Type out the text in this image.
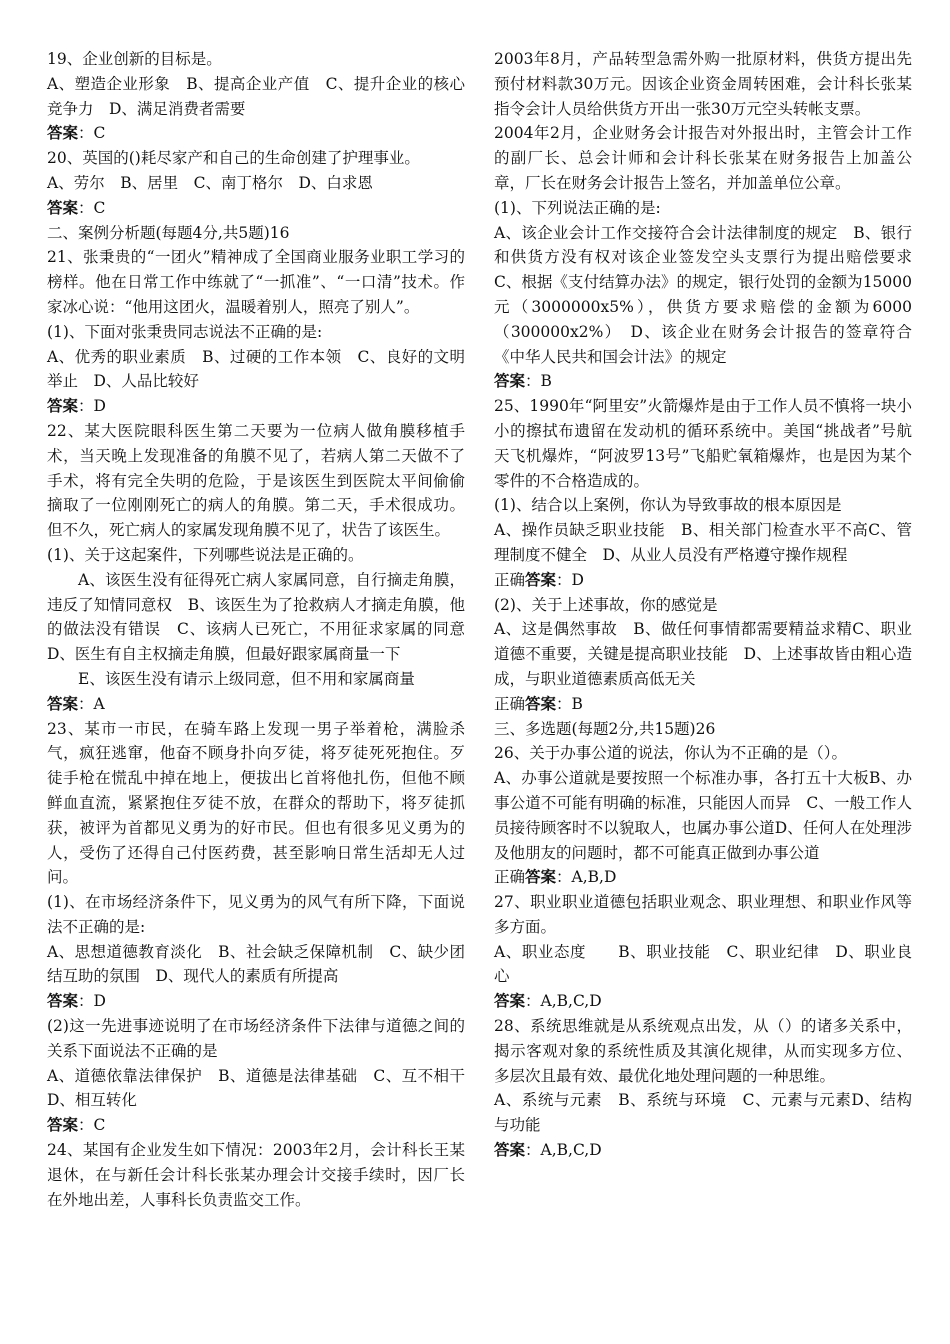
19、企业创新的目标是。

A、塑造企业形象　B、提高企业产值　C、提升企业的核心竞争力　D、满足消费者需要

答案：C

20、英国的()耗尽家产和自己的生命创建了护理事业。

A、劳尔　B、居里　C、南丁格尔　D、白求恩

答案：C

二、案例分析题(每题4分,共5题)16

21、张秉贵的“一团火”精神成了全国商业服务业职工学习的榜样。他在日常工作中练就了“一抓准”、“一口清”技术。作家冰心说：“他用这团火，温暖着别人，照亮了别人”。

(1)、下面对张秉贵同志说法不正确的是:

A、优秀的职业素质　B、过硬的工作本领　C、良好的文明举止　D、人品比较好

答案：D

22、某大医院眼科医生第二天要为一位病人做角膜移植手术，当天晚上发现准备的角膜不见了，若病人第二天做不了手术，将有完全失明的危险，于是该医生到医院太平间偷偷摘取了一位刚刚死亡的病人的角膜。第二天，手术很成功。但不久，死亡病人的家属发现角膜不见了，状告了该医生。

(1)、关于这起案件，下列哪些说法是正确的。

A、该医生没有征得死亡病人家属同意，自行摘走角膜，违反了知情同意权　B、该医生为了抢救病人才摘走角膜，他的做法没有错误　C、该病人已死亡，不用征求家属的同意　D、医生有自主权摘走角膜，但最好跟家属商量一下

E、该医生没有请示上级同意，但不用和家属商量

答案：A

23、某市一市民，在骑车路上发现一男子举着枪，满脸杀气，疯狂逃窜，他奋不顾身扑向歹徒，将歹徒死死抱住。歹徒手枪在慌乱中掉在地上，便拔出匕首将他扎伤，但他不顾鲜血直流，紧紧抱住歹徒不放，在群众的帮助下，将歹徒抓获，被评为首都见义勇为的好市民。但也有很多见义勇为的人，受伤了还得自己付医药费，甚至影响日常生活却无人过问。

(1)、在市场经济条件下，见义勇为的风气有所下降，下面说法不正确的是:

A、思想道德教育淡化　B、社会缺乏保障机制　C、缺少团结互助的氛围　D、现代人的素质有所提高

答案：D

(2)这一先进事迹说明了在市场经济条件下法律与道德之间的关系下面说法不正确的是

A、道德依靠法律保护　B、道德是法律基础　C、互不相干　D、相互转化

答案：C

24、某国有企业发生如下情况：2003年2月，会计科长王某退休，在与新任会计科长张某办理会计交接手续时，因厂长在外地出差，人事科长负责监交工作。

2003年8月，产品转型急需外购一批原材料，供货方提出先预付材料款30万元。因该企业资金周转困难，会计科长张某指令会计人员给供货方开出一张30万元空头转帐支票。

2004年2月，企业财务会计报告对外报出时，主管会计工作的副厂长、总会计师和会计科长张某在财务报告上加盖公章，厂长在财务会计报告上签名，并加盖单位公章。

(1)、下列说法正确的是:

A、该企业会计工作交接符合会计法律制度的规定　B、银行和供货方没有权对该企业签发空头支票行为提出赔偿要求　C、根据《支付结算办法》的规定，银行处罚的金额为15000元（3000000x5%），供货方要求赔偿的金额为6000（300000x2%）　D、该企业在财务会计报告的签章符合《中华人民共和国会计法》的规定

答案：B

25、1990年“阿里安”火箭爆炸是由于工作人员不慎将一块小小的擦拭布遗留在发动机的循环系统中。美国“挑战者”号航天飞机爆炸，“阿波罗13号”飞船贮氧箱爆炸，也是因为某个零件的不合格造成的。

(1)、结合以上案例，你认为导致事故的根本原因是

A、操作员缺乏职业技能　B、相关部门检查水平不高C、管理制度不健全　D、从业人员没有严格遵守操作规程

正确答案：D

(2)、关于上述事故，你的感觉是

A、这是偶然事故　B、做任何事情都需要精益求精C、职业道德不重要，关键是提高职业技能　D、上述事故皆由粗心造成，与职业道德素质高低无关

正确答案：B

三、多选题(每题2分,共15题)26

26、关于办事公道的说法，你认为不正确的是（）。

A、办事公道就是要按照一个标准办事，各打五十大板B、办事公道不可能有明确的标准，只能因人而异　C、一般工作人员接待顾客时不以貌取人，也属办事公道D、任何人在处理涉及他朋友的问题时，都不可能真正做到办事公道

正确答案：A,B,D

27、职业职业道德包括职业观念、职业理想、和职业作风等多方面。

A、职业态度　　B、职业技能　C、职业纪律　D、职业良心

答案：A,B,C,D

28、系统思维就是从系统观点出发，从（）的诸多关系中，揭示客观对象的系统性质及其演化规律，从而实现多方位、多层次且最有效、最优化地处理问题的一种思维。

A、系统与元素　B、系统与环境　C、元素与元素D、结构与功能

答案：A,B,C,D
